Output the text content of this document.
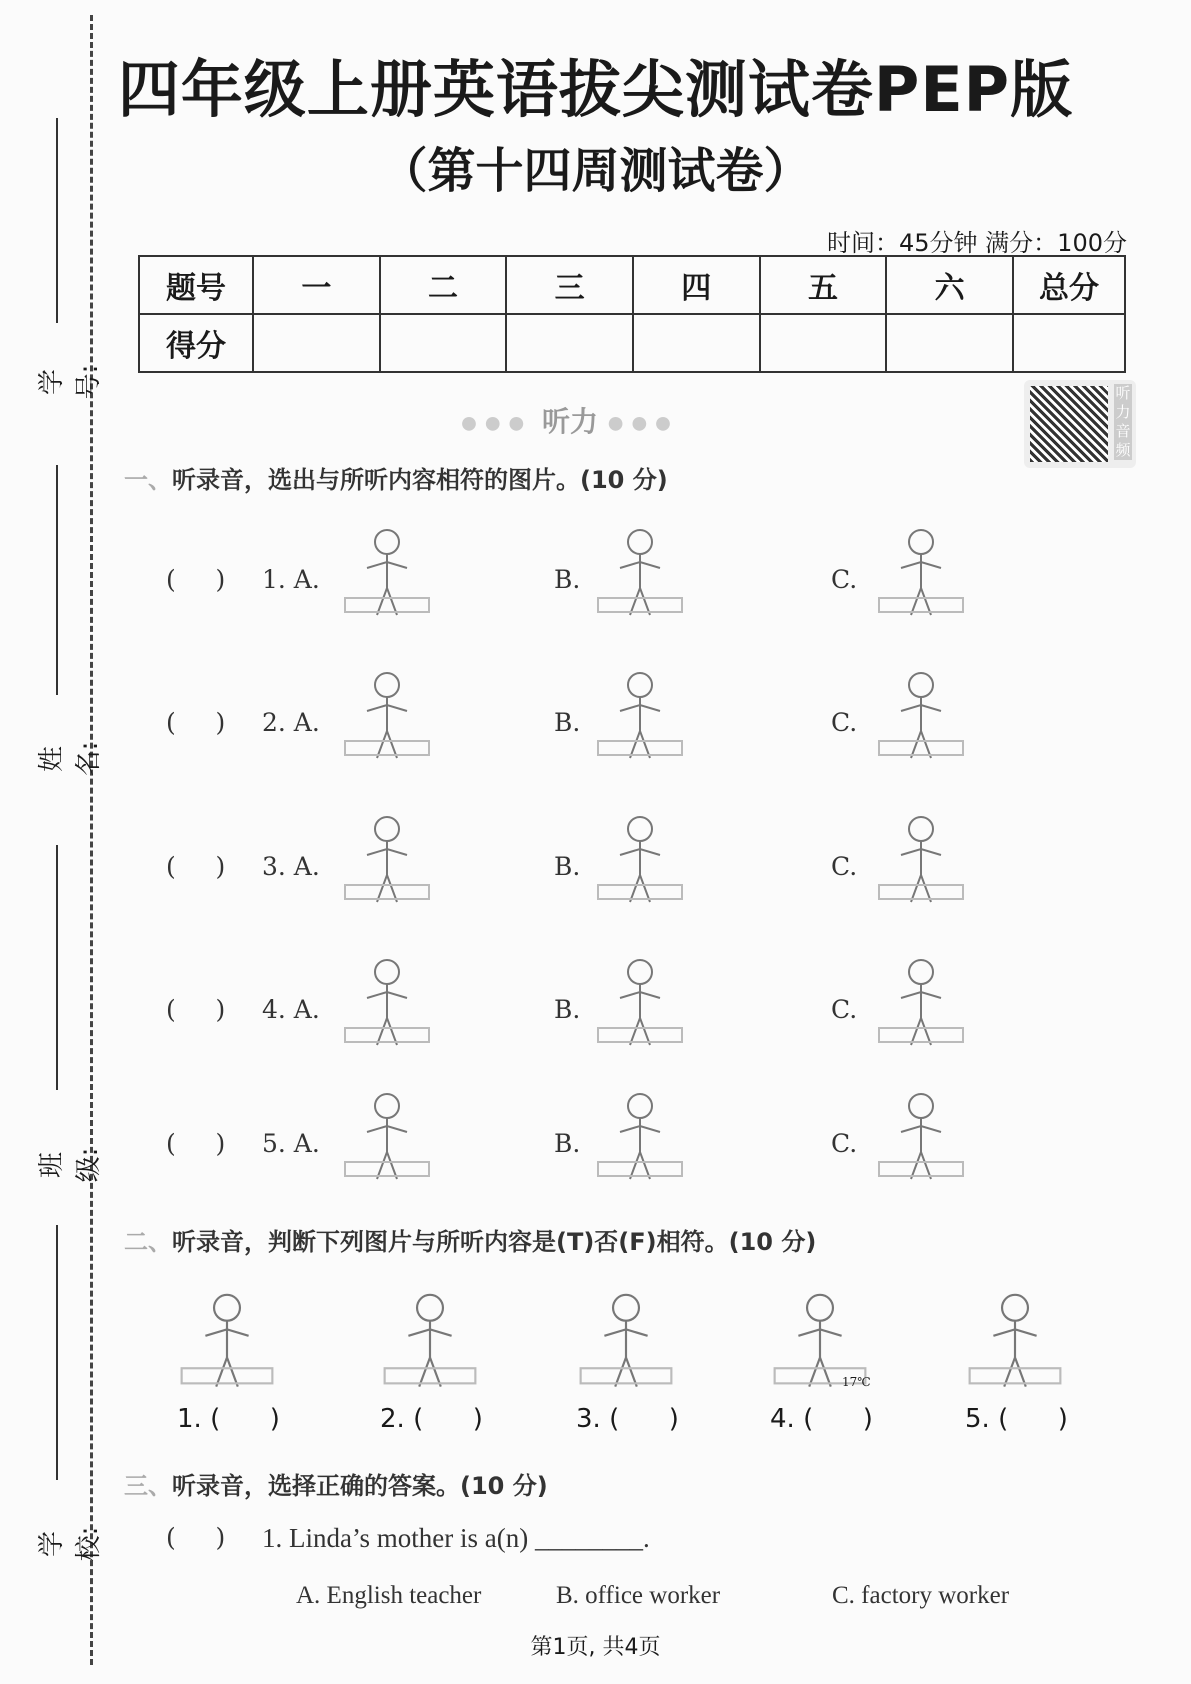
学号:
姓名:
班级:
学校:
四年级上册英语拔尖测试卷PEP版
（第十四周测试卷）
时间：45分钟 满分：100分
题号	一	二	三	四	五	六	总分
得分							
●●● 听力 ●●●
听力音频
一、听录音，选出与所听内容相符的图片。(10 分)
(     ) 1. A.	B.	C.
(     ) 2. A.	B.	C.
(     ) 3. A.	B.	C.
(     ) 4. A.	B.	C.
(     ) 5. A.	B.	C.
二、听录音，判断下列图片与所听内容是(T)否(F)相符。(10 分)
1. (      )	2. (      )	3. (      )	4. (      )	5. (      )
17℃
三、听录音，选择正确的答案。(10 分)
(     ) 1. Linda’s mother is a(n) ________.
A. English teacher	B. office worker	C. factory worker
第1页, 共4页
